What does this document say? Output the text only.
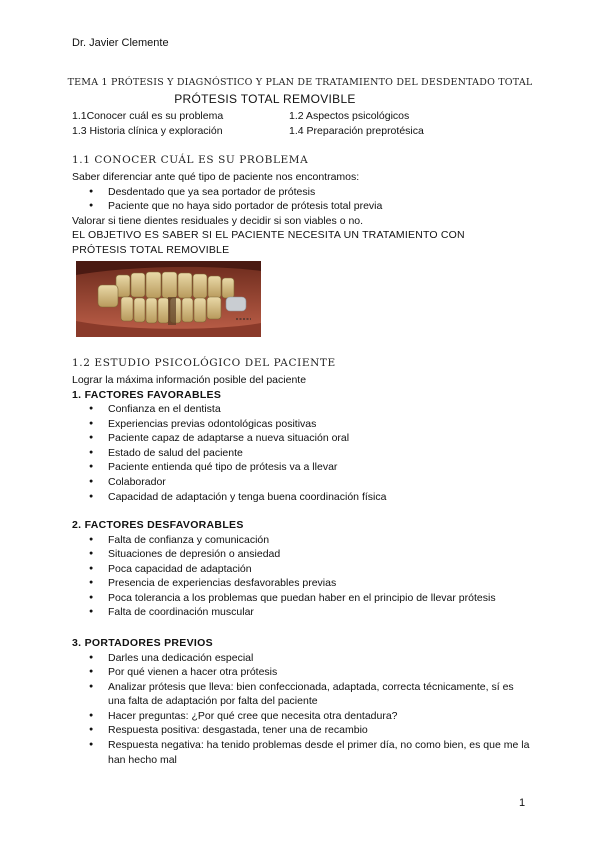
Dr. Javier Clemente
TEMA 1 PRÓTESIS Y DIAGNÓSTICO Y PLAN DE TRATAMIENTO DEL DESDENTADO TOTAL
PRÓTESIS TOTAL REMOVIBLE
1.1Conocer cuál es su problema	1.2 Aspectos psicológicos
1.3 Historia clínica y exploración	1.4 Preparación preprotésica
1.1 CONOCER CUÁL ES SU PROBLEMA
Saber diferenciar ante qué tipo de paciente nos encontramos:
● Desdentado que ya sea portador de prótesis
● Paciente que no haya sido portador de prótesis total previa
Valorar si tiene dientes residuales y decidir si son viables o no.
EL OBJETIVO ES SABER SI EL PACIENTE NECESITA UN TRATAMIENTO CON
PRÓTESIS TOTAL REMOVIBLE
1.2 ESTUDIO PSICOLÓGICO DEL PACIENTE
Lograr la máxima información posible del paciente
1. FACTORES FAVORABLES
● Confianza en el dentista
● Experiencias previas odontológicas positivas
● Paciente capaz de adaptarse a nueva situación oral
● Estado de salud del paciente
● Paciente entienda qué tipo de prótesis va a llevar
● Colaborador
● Capacidad de adaptación y tenga buena coordinación física
2. FACTORES DESFAVORABLES
● Falta de confianza y comunicación
● Situaciones de depresión o ansiedad
● Poca capacidad de adaptación
● Presencia de experiencias desfavorables previas
● Poca tolerancia a los problemas que puedan haber en el principio de llevar prótesis
● Falta de coordinación muscular
3. PORTADORES PREVIOS
● Darles una dedicación especial
● Por qué vienen a hacer otra prótesis
● Analizar prótesis que lleva: bien confeccionada, adaptada, correcta técnicamente, sí es una falta de adaptación por falta del paciente
● Hacer preguntas: ¿Por qué cree que necesita otra dentadura?
● Respuesta positiva: desgastada, tener una de recambio
● Respuesta negativa: ha tenido problemas desde el primer día, no como bien, es que me la han hecho mal
1
